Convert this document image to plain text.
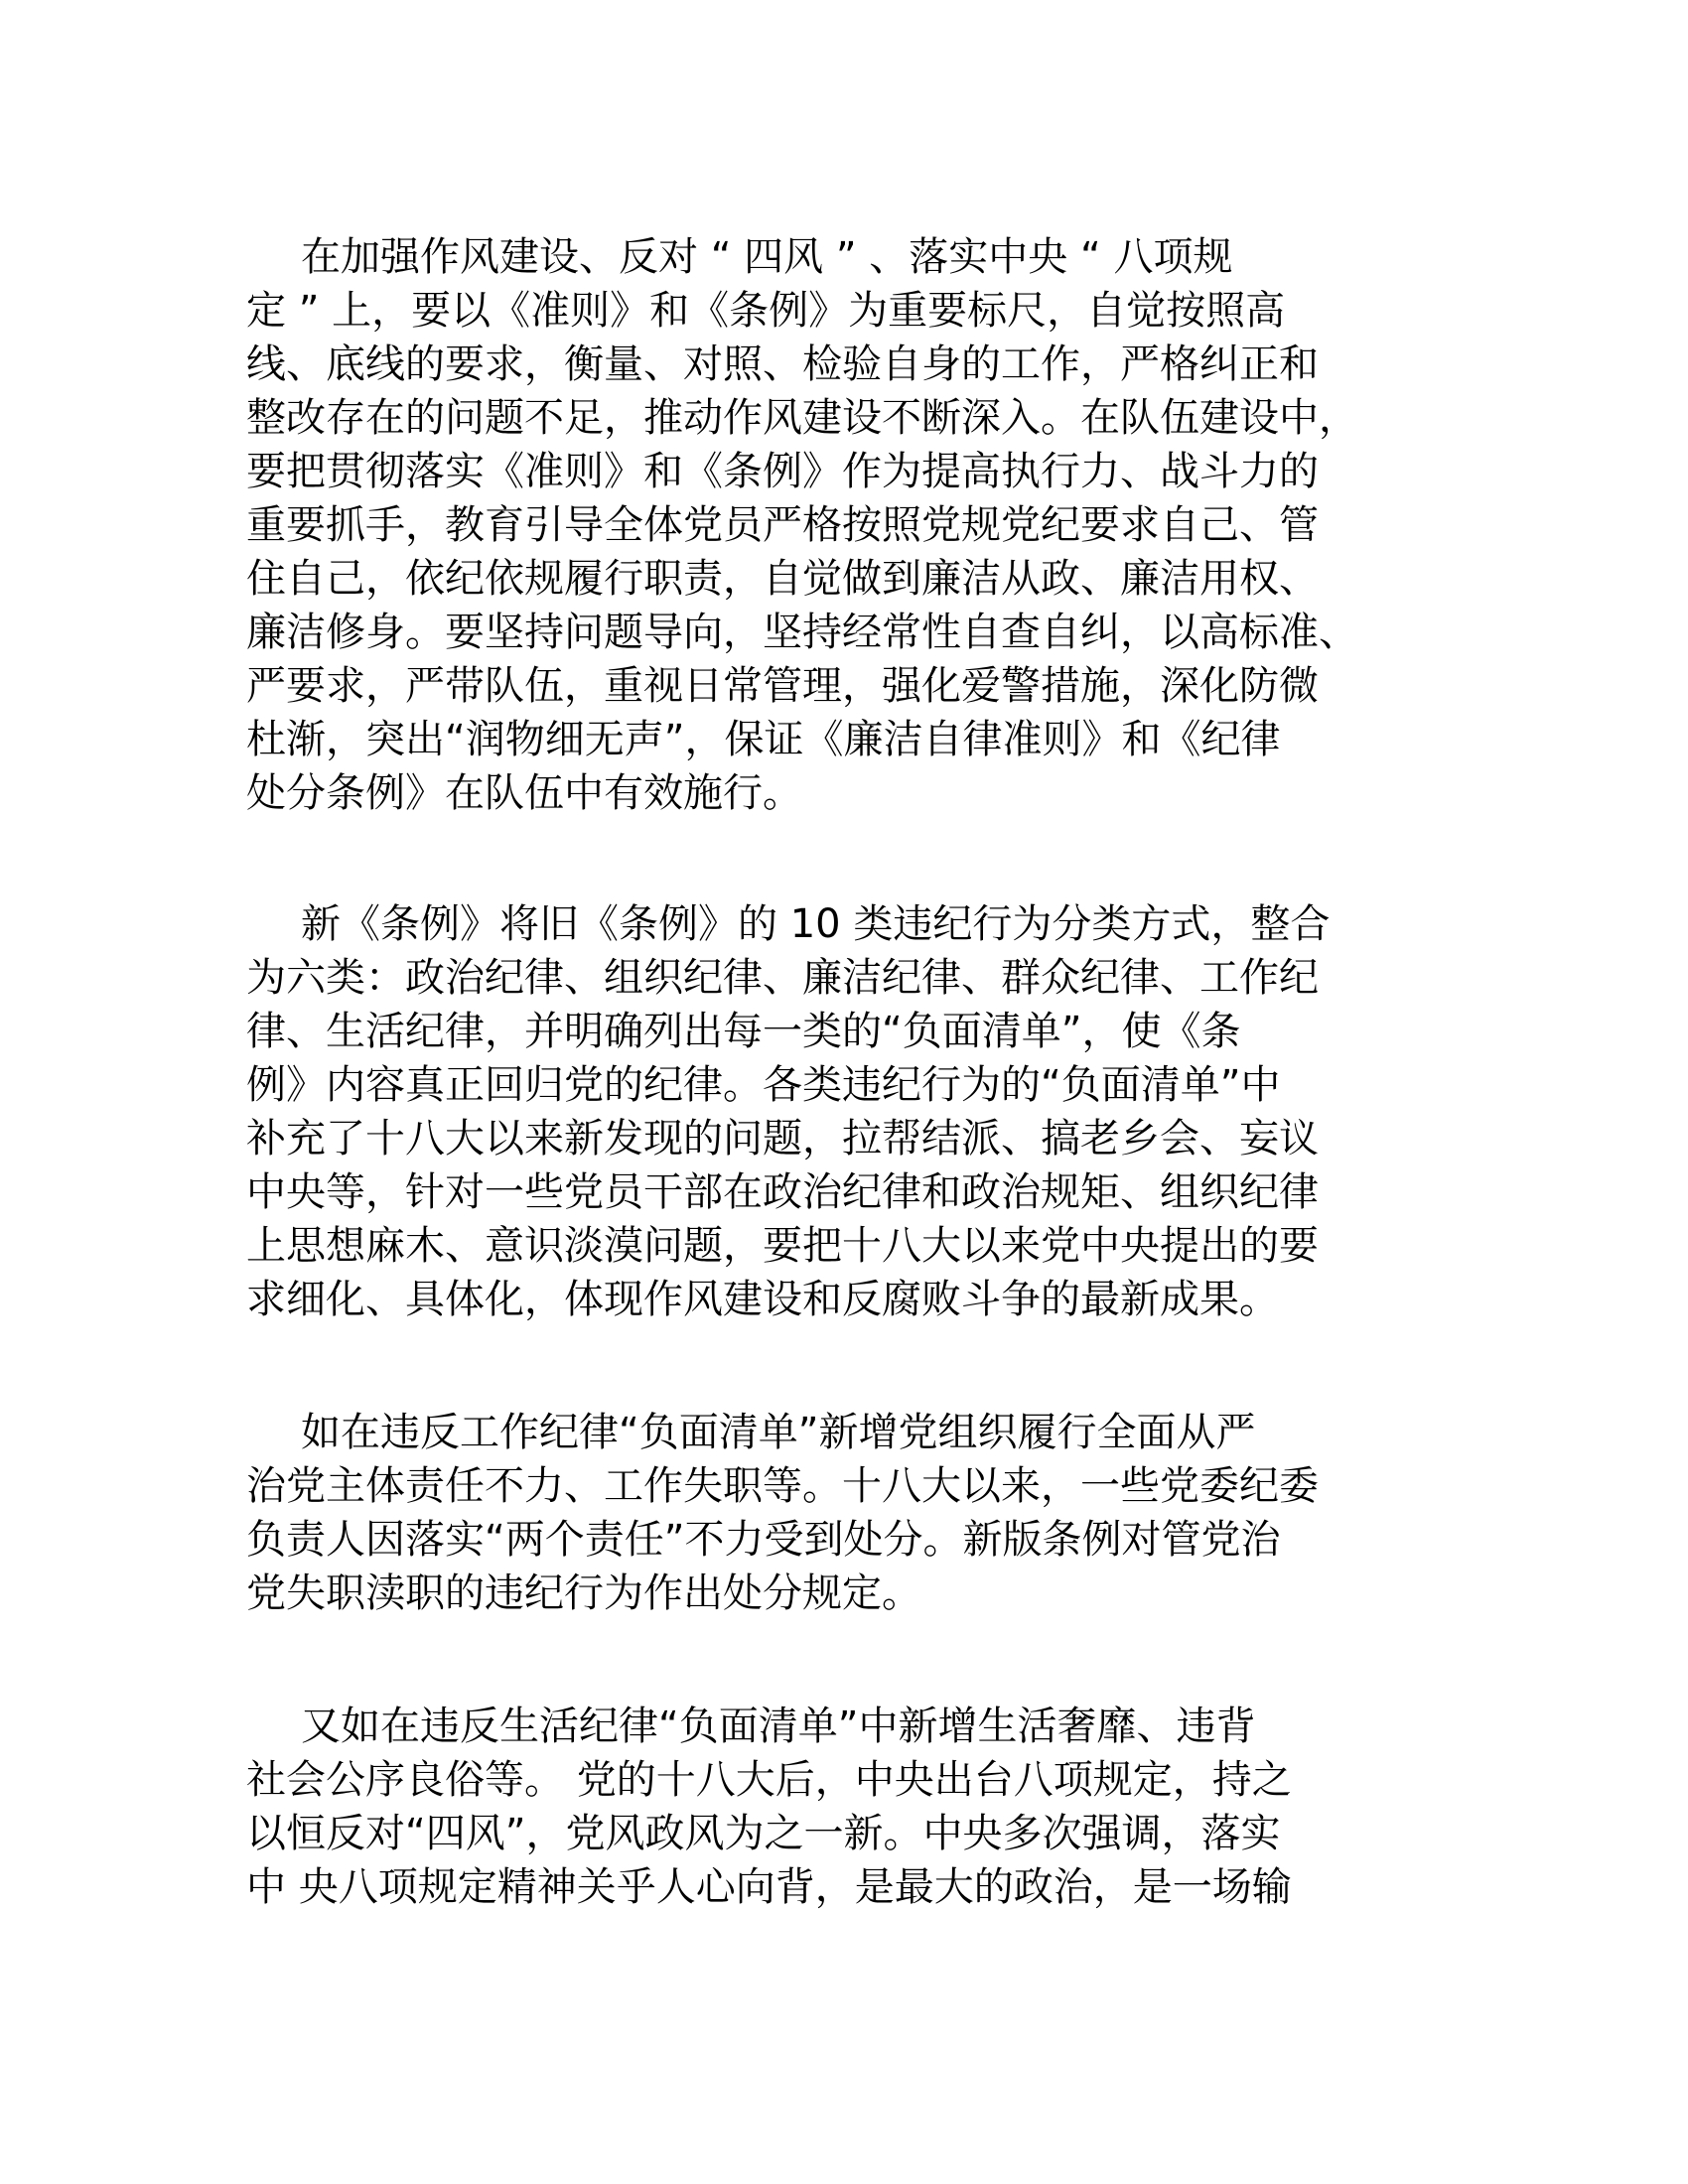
在加强作风建设、反对 “ 四风 ” 、落实中央 “ 八项规
定 ” 上，要以《准则》和《条例》为重要标尺，自觉按照高
线、底线的要求，衡量、对照、检验自身的工作，严格纠正和
整改存在的问题不足，推动作风建设不断深入。在队伍建设中，
要把贯彻落实《准则》和《条例》作为提高执行力、战斗力的
重要抓手，教育引导全体党员严格按照党规党纪要求自己、管
住自己，依纪依规履行职责，自觉做到廉洁从政、廉洁用权、
廉洁修身。要坚持问题导向，坚持经常性自查自纠，以高标准、
严要求，严带队伍，重视日常管理，强化爱警措施，深化防微
杜渐，突出“润物细无声”，保证《廉洁自律准则》和《纪律
处分条例》在队伍中有效施行。
新《条例》将旧《条例》的 10 类违纪行为分类方式，整合
为六类：政治纪律、组织纪律、廉洁纪律、群众纪律、工作纪
律、生活纪律，并明确列出每一类的“负面清单”，使《条
例》内容真正回归党的纪律。各类违纪行为的“负面清单”中
补充了十八大以来新发现的问题，拉帮结派、搞老乡会、妄议
中央等，针对一些党员干部在政治纪律和政治规矩、组织纪律
上思想麻木、意识淡漠问题，要把十八大以来党中央提出的要
求细化、具体化，体现作风建设和反腐败斗争的最新成果。
如在违反工作纪律“负面清单”新增党组织履行全面从严
治党主体责任不力、工作失职等。十八大以来，一些党委纪委
负责人因落实“两个责任”不力受到处分。新版条例对管党治
党失职渎职的违纪行为作出处分规定。
又如在违反生活纪律“负面清单”中新增生活奢靡、违背
社会公序良俗等。 党的十八大后，中央出台八项规定，持之
以恒反对“四风”，党风政风为之一新。中央多次强调，落实
中 央八项规定精神关乎人心向背，是最大的政治，是一场输
